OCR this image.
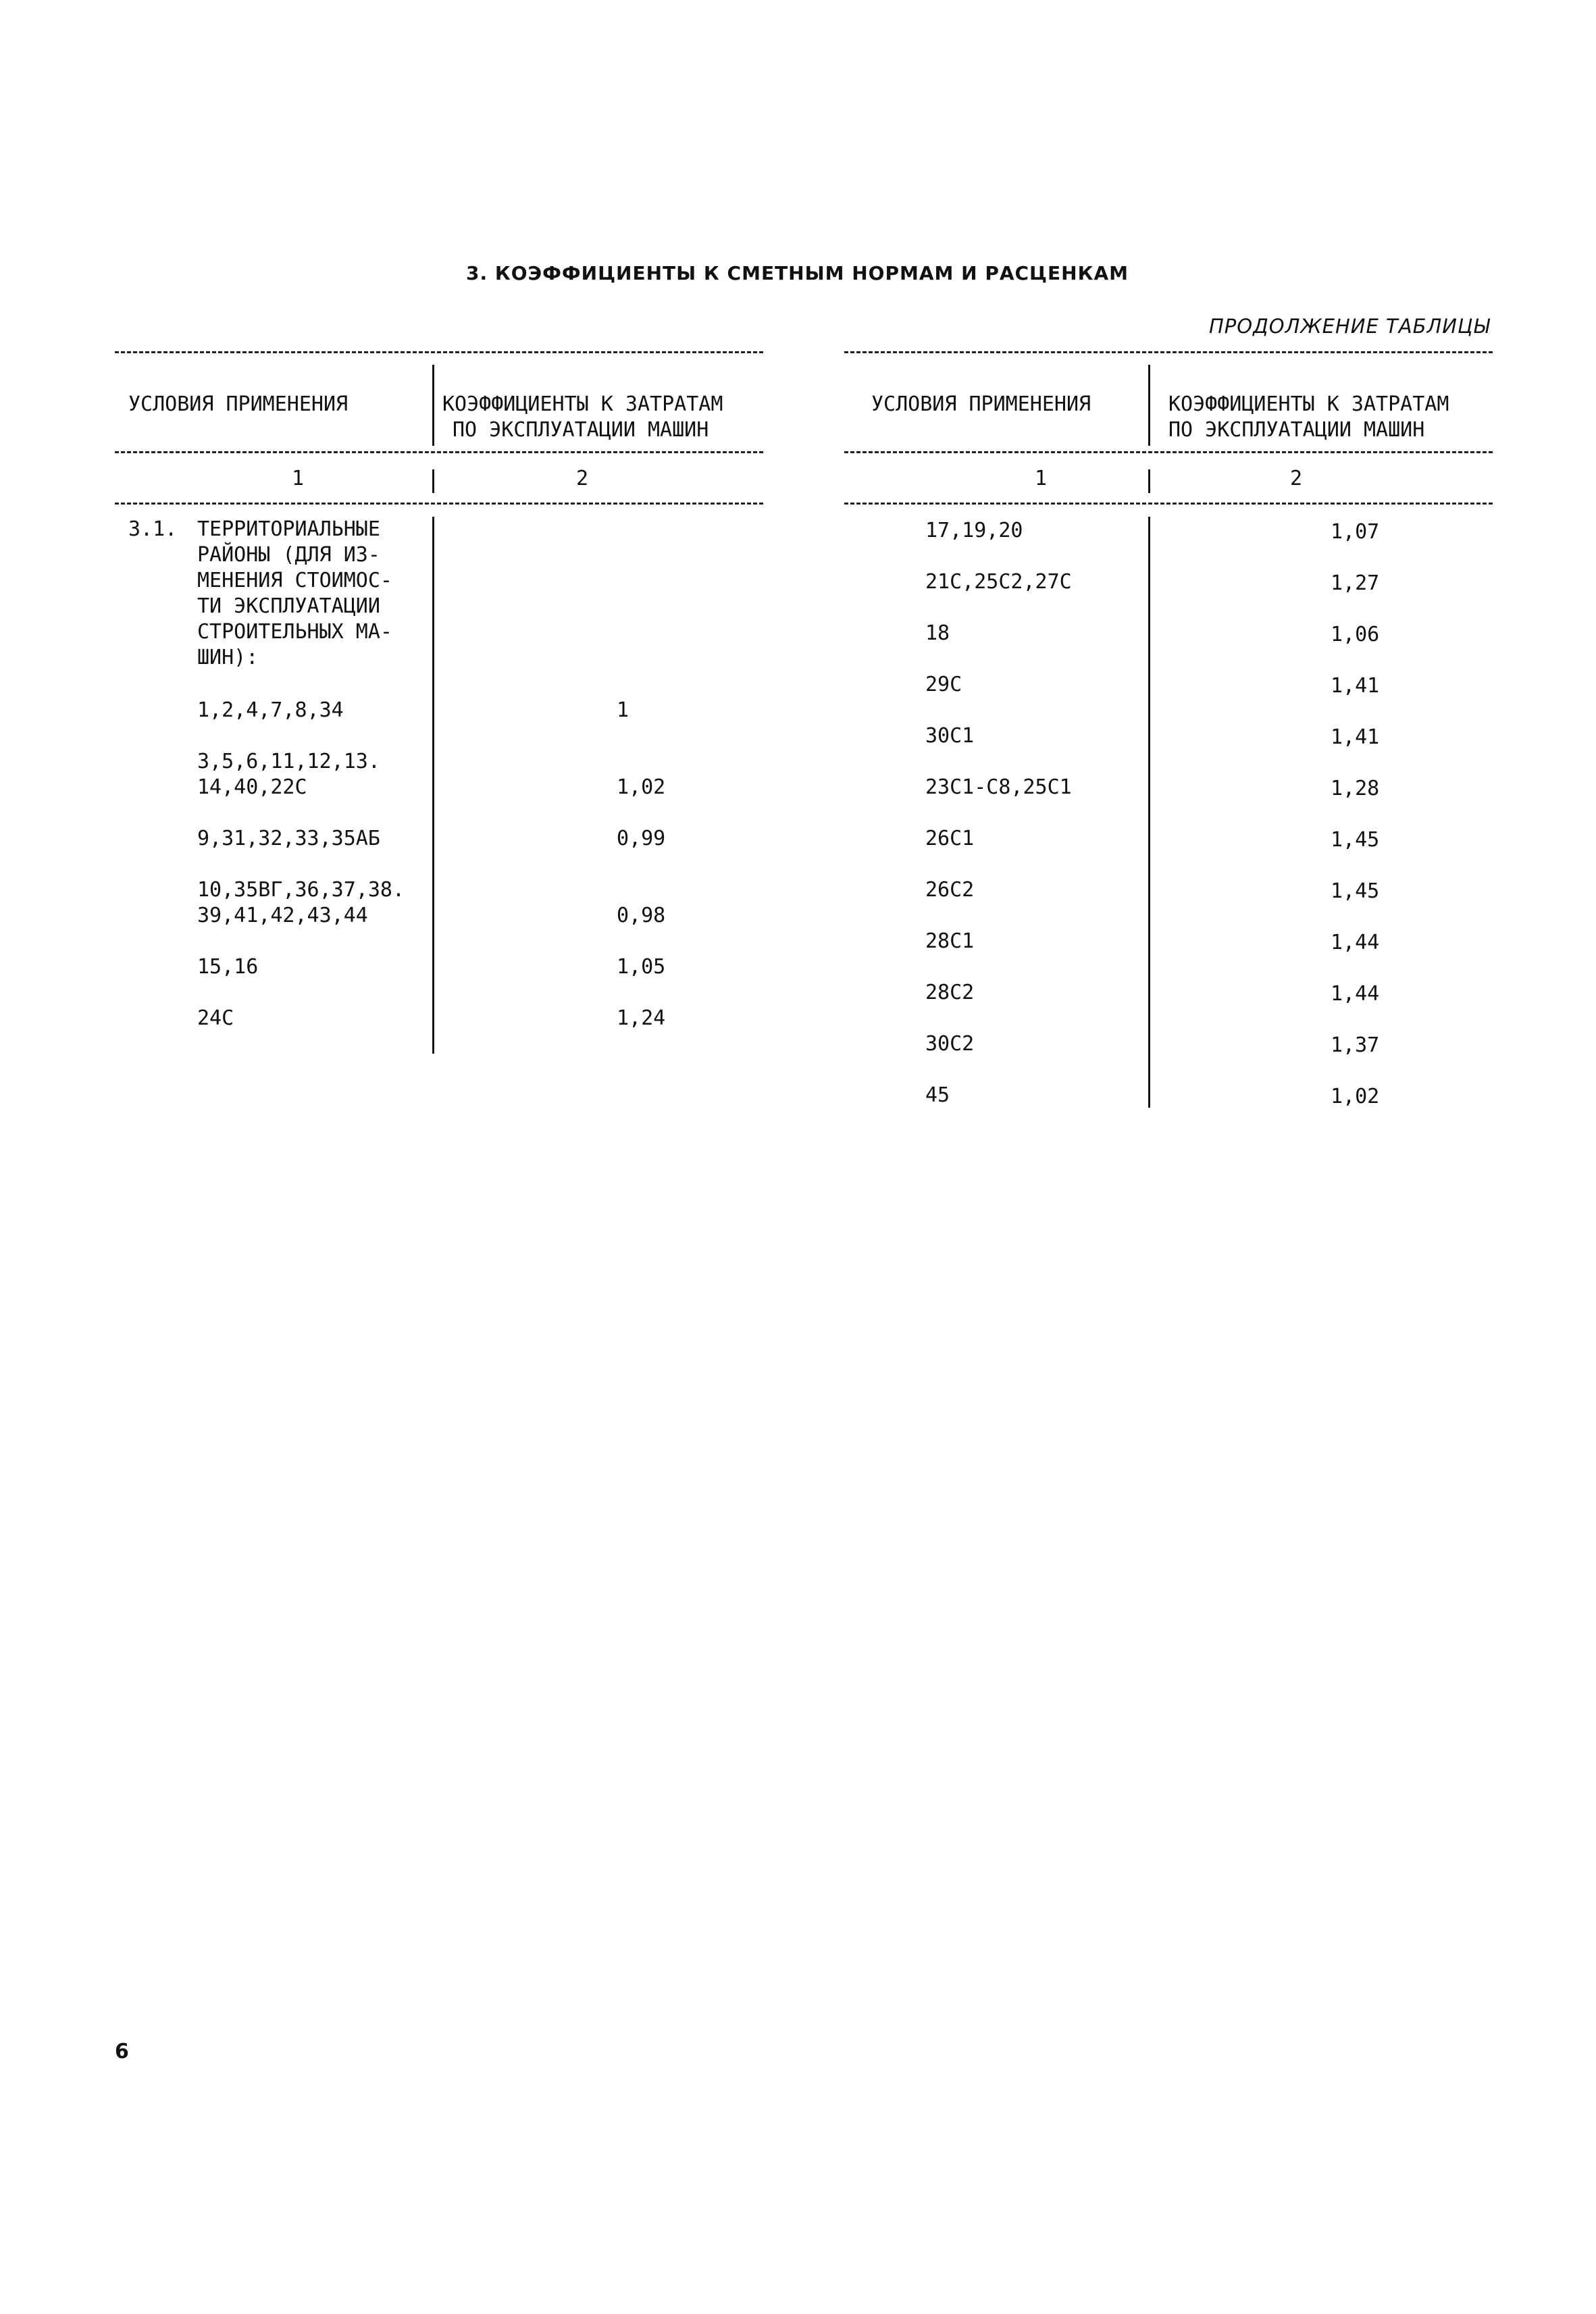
3. КОЭФФИЦИЕНТЫ К СМЕТНЫМ НОРМАМ И РАСЦЕНКАМ
ПРОДОЛЖЕНИЕ ТАБЛИЦЫ
УСЛОВИЯ ПРИМЕНЕНИЯ	КОЭФФИЦИЕНТЫ К ЗАТРАТАМ
ПО ЭКСПЛУАТАЦИИ МАШИН
1	2
3.1. ТЕРРИТОРИАЛЬНЫЕ
РАЙОНЫ (ДЛЯ ИЗ-
МЕНЕНИЯ СТОИМОС-
ТИ ЭКСПЛУАТАЦИИ
СТРОИТЕЛЬНЫХ МА-
ШИН):
1,2,4,7,8,34	1
3,5,6,11,12,13.
14,40,22С	1,02
9,31,32,33,35АБ	0,99
10,35ВГ,36,37,38.
39,41,42,43,44	0,98
15,16	1,05
24С	1,24
УСЛОВИЯ ПРИМЕНЕНИЯ	КОЭФФИЦИЕНТЫ К ЗАТРАТАМ
ПО ЭКСПЛУАТАЦИИ МАШИН
1	2
17,19,20	1,07
21С,25С2,27С	1,27
18	1,06
29С	1,41
30С1	1,41
23С1-С8,25С1	1,28
26С1	1,45
26С2	1,45
28С1	1,44
28С2	1,44
30С2	1,37
45	1,02
6
